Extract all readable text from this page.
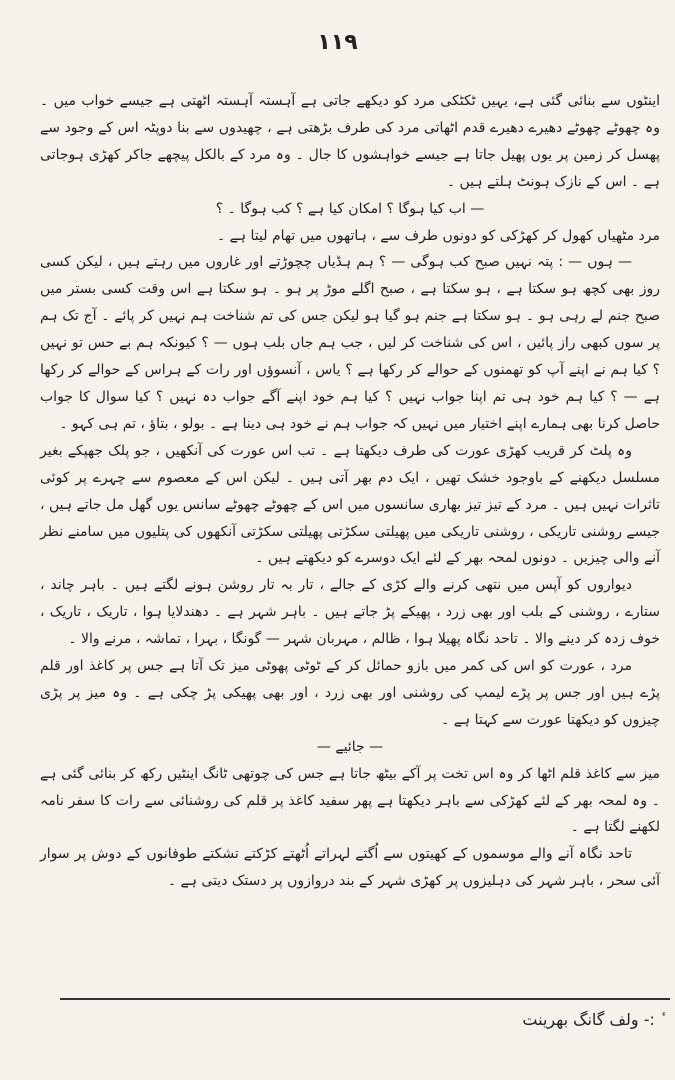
۱۱۹

اینٹوں سے بنائی گئی ہے، یہیں ٹکٹکی مرد کو دیکھے جاتی ہے آہستہ آہستہ اٹھتی ہے جیسے خواب میں ۔ وہ چھوٹے چھوٹے دھیرے دھیرے قدم اٹھاتی مرد کی طرف بڑھتی ہے ، چھیدوں سے بنا دوپٹہ اس کے وجود سے پھسل کر زمین پر یوں پھیل جاتا ہے جیسے خواہشوں کا جال ۔ وہ مرد کے بالکل پیچھے جاکر کھڑی ہوجاتی ہے ۔ اس کے نازک ہونٹ ہلتے ہیں ۔

— اب کیا ہوگا ؟ امکان کیا ہے ؟ کب ہوگا ۔ ؟

مرد مٹھیاں کھول کر کھڑکی کو دونوں طرف سے ، ہاتھوں میں تھام لیتا ہے ۔

— ہوں — : پتہ نہیں صبح کب ہوگی — ؟ ہم ہڈیاں چچوڑتے اور غاروں میں رہتے ہیں ، لیکن کسی روز بھی کچھ ہو سکتا ہے ، ہو سکتا ہے ، صبح اگلے موڑ پر ہو ۔ ہو سکتا ہے اس وقت کسی بستر میں صبح جنم لے رہی ہو ۔ ہو سکتا ہے جنم ہو گیا ہو لیکن جس کی تم شناخت ہم نہیں کر پائے ۔ آج تک ہم پر سوں کبھی راز پائیں ، اس کی شناخت کر لیں ، جب ہم جاں بلب ہوں — ؟ کیونکہ ہم بے حس تو نہیں ؟ کیا ہم نے اپنے آپ کو تھمنوں کے حوالے کر رکھا ہے ؟ یاس ، آنسوؤں اور رات کے ہراس کے حوالے کر رکھا ہے — ؟ کیا ہم خود ہی تم اپنا جواب نہیں ؟ کیا ہم خود اپنے آگے جواب دہ نہیں ؟ کیا سوال کا جواب حاصل کرنا بھی ہمارے اپنے اختیار میں نہیں کہ جواب ہم نے خود ہی دینا ہے ۔ بولو ، بتاؤ ، تم ہی کہو ۔

وہ پلٹ کر قریب کھڑی عورت کی طرف دیکھتا ہے ۔ تب اس عورت کی آنکھیں ، جو پلک جھپکے بغیر مسلسل دیکھنے کے باوجود خشک تھیں ، ایک دم بھر آتی ہیں ۔ لیکن اس کے معصوم سے چہرے پر کوئی تاثرات نہیں ہیں ۔ مرد کے تیز تیز بھاری سانسوں میں اس کے چھوٹے چھوٹے سانس یوں گھل مل جاتے ہیں ، جیسے روشنی تاریکی ، روشنی تاریکی میں پھیلتی سکڑتی پھیلتی سکڑتی آنکھوں کی پتلیوں میں سامنے نظر آنے والی چیزیں ۔ دونوں لمحہ بھر کے لئے ایک دوسرے کو دیکھتے ہیں ۔

دیواروں کو آپس میں نتھی کرنے والے کڑی کے جالے ، تار بہ تار روشن ہونے لگتے ہیں ۔ باہر چاند ، ستارے ، روشنی کے بلب اور بھی زرد ، پھیکے پڑ جاتے ہیں ۔ باہر شہر ہے ۔ دھندلایا ہوا ، تاریک ، تاریک ، خوف زدہ کر دینے والا ۔ تاحد نگاہ پھیلا ہوا ، ظالم ، مہربان شہر — گونگا ، بہرا ، تماشہ ، مرنے والا ۔

مرد ، عورت کو اس کی کمر میں بازو حمائل کر کے ٹوٹی پھوٹی میز تک آتا ہے جس پر کاغذ اور قلم پڑے ہیں اور جس پر پڑے لیمپ کی روشنی اور بھی زرد ، اور بھی پھیکی پڑ چکی ہے ۔ وہ میز پر پڑی چیزوں کو دیکھتا عورت سے کہتا ہے ۔

— جائیے —

میز سے کاغذ قلم اٹھا کر وہ اس تخت پر آکے بیٹھ جاتا ہے جس کی چوتھی ٹانگ اینٹیں رکھ کر بنائی گئی ہے ۔ وہ لمحہ بھر کے لئے کھڑکی سے باہر دیکھتا ہے پھر سفید کاغذ پر قلم کی روشنائی سے رات کا سفر نامہ لکھنے لگتا ہے ۔

تاحد نگاہ آنے والے موسموں کے کھیتوں سے اُگتے لہراتے اُٹھتے کڑکتے تشکتے طوفانوں کے دوش پر سوار آئی سحر ، باہر شہر کی دہلیزوں پر کھڑی شہر کے بند دروازوں پر دستک دیتی ہے ۔

ٔ :- ولف گانگ بھرینت
